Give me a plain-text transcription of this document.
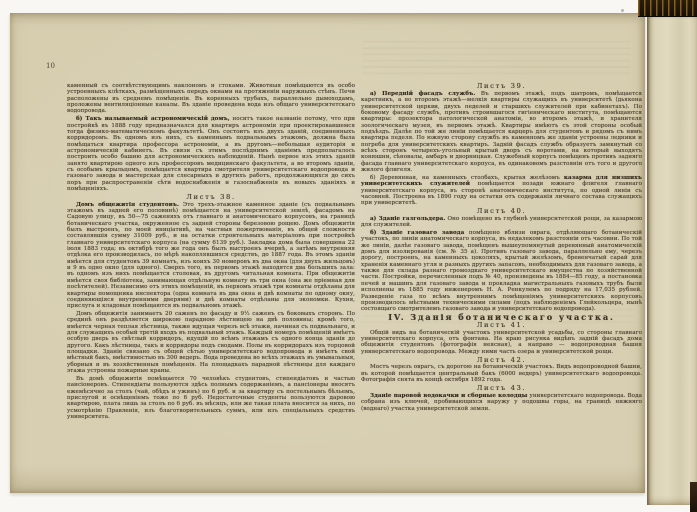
10

каменный съ соотвѣтствующимъ наклономъ и стоками. Животныя помѣщаются въ особо устроенныхъ клѣткахъ, размѣщенныхъ передъ окнами на протяженіи наружныхъ стѣнъ. Печи расположены въ среднемъ помѣщеніи. Въ коренныхъ трубахъ, параллельно дымоходамъ, проложены вентиляціонные каналы. Въ зданіе проведена вода изъ общаго университетскаго водопровода.

б) Такъ называемый астрономическій домъ, носитъ такое названіе потому, что при постройкѣ въ 1888 году предназначался для квартиръ астрономіи при проектировавшемся тогда физико-математическомъ факультетѣ. Онъ состоитъ изъ двухъ зданій, соединенныхъ корридоромъ. Въ одномъ изъ нихъ, съ каменнымъ подвальнымъ этажомъ, должна была помѣщаться квартира профессора астрономіи, а въ другомъ—небольшая аудиторія и астрономическій кабинетъ. Въ связи съ этимъ послѣднимъ зданіемъ предполагалось построить особо башню для астрономическихъ наблюденій. Нынѣ первое изъ этихъ зданій занято квартирою одного изъ профессоровъ медицинскаго факультета, а во второмъ зданіи, съ особымъ крыльцомъ, помѣщается квартира смотрителя университетскаго водопровода и газоваго завода и мастерская для слесарныхъ и другихъ работъ, продолжающихся до сихъ поръ при распространеніи сѣти водоснабженія и газоснабженія въ новыхъ зданіяхъ и помѣщеніяхъ.

Листъ 38.

Домъ общежитія студентовъ. Это трехъ-этажное каменное зданіе (съ подвальнымъ этажомъ въ задней его половинѣ) помѣщается на университетской землѣ, фасадомъ на Садовую улицу, въ 50—75 саженяхъ отъ главнаго и анатомическаго корпусовъ, на границѣ ботаническаго участка, окруженное съ задней стороны березовою рощею. Домъ общежитія былъ выстроенъ, по моей иниціативѣ, на частныя пожертвованія, въ общей сложности составлявшія сумму 31009 руб., и на остатки строительныхъ матеріаловъ при постройкѣ главнаго университетскаго корпуса (на сумму 6139 руб.). Закладка дома была совершена 22 іюля 1883 года; въ октябрѣ того же года онъ былъ выстроенъ вчернѣ, а затѣмъ внутренняя отдѣлка его производилась, по мѣрѣ накоплявшихся средствъ, до 1887 года. Въ этомъ зданіи имѣется для студентовъ 39 комнатъ, изъ коихъ 30 номеровъ въ два окна (для двухъ жильцовъ) и 9 въ одно окно (для одного). Сверхъ того, въ первомъ этажѣ находятся два большихъ зала: въ одномъ изъ нихъ помѣщается столовая, въ другомъ читальная комната. При общежитіи имѣется своя библіотека, занимающая отдѣльную комнату въ три окна (она же пріемная для посѣтителей). Независимо отъ этихъ помѣщеній, въ первомъ этажѣ три комнаты отдѣланы для квартиры помощника инспектора (одна комната въ два окна и двѣ комнаты по одному окну, соединяющіяся внутренними дверями) и двѣ комнаты отдѣланы для экономки. Кухня, прислуга и кладовыя помѣщаются въ подвальномъ этажѣ.

Домъ общежитія занимаетъ 20 саженъ по фасаду и 9½ саженъ съ боковыхъ сторонъ. По срединѣ онъ раздѣляется широкою парадною лѣстницею на двѣ половины; кромѣ того, имѣется черная теплая лѣстница, также идущая черезъ всѣ этажи, начиная съ подвальнаго, и для служащихъ особый третій входъ въ подвальный этажъ. Каждый номеръ помѣщеній имѣетъ особую дверь въ свѣтлый корридоръ, идущій по всѣмъ этажамъ съ одного конца зданія до другого. Какъ лѣстницы, такъ и корридоры подъ сводами. Полы въ корридорахъ изъ торцовой площадки. Зданіе связано съ общей сѣтью университетскаго водопровода и имѣетъ свой мѣстный бакъ, вмѣстимостью въ 300 ведеръ. Вода проведена во всѣхъ этажахъ въ умывальныя, уборныя и въ хозяйственныя помѣщенія. На площадкахъ парадной лѣстницы для каждаго этажа устроены пожарные краны.

Въ домѣ общежитія помѣщается 70 человѣкъ студентовъ, стипендіатовъ и частью пансіонеровъ. Стипендіаты пользуются здѣсь полнымъ содержаніемъ, а пансіонеры вносятъ ежемѣсячно за столъ (чай, обѣдъ и ужинъ) по 6 руб. и за квартиру съ постельнымъ бѣльемъ, прислугой и освѣщеніемъ тоже по 6 руб. Недостаточные студенты пользуются даровою квартирою, плата лишь за столъ по 6 руб. въ мѣсяцъ, или же такая плата вносится за нихъ, по усмотрѣнію Правленія, изъ благотворительныхъ суммъ, или изъ спеціальныхъ средствъ университета.

Листъ 39.

а) Передній фасадъ службъ. Въ первомъ этажѣ, подъ шатромъ, помѣщается каретникъ, а во второмъ этажѣ—мелкія квартиры служащихъ въ университетѣ (дьякона университетской церкви, двухъ педелей и старшихъ служителей при кабинетахъ). По боковому фасаду службъ, противъ строившагося гигіеническаго института, помѣщаются квартиры: прозектора патологической анатоміи, во второмъ этажѣ, и хранителя зоологическаго музея, въ первомъ этажѣ. Квартиры имѣютъ съ этой стороны особый подъѣздъ. Далѣе по той же линіи помѣщается карцеръ для студентовъ и рядомъ съ нимъ квартира педеля. По южную сторону службъ въ каменномъ же зданіи устроены ледники и погреба для университетскихъ квартиръ. Задній фасадъ службъ образуетъ замкнутый со всѣхъ сторонъ четырехъ-угольный крытый дворъ съ воротами, на который выходятъ конюшни, сѣновалы, амбаръ и дворницкая. Служебный корпусъ помѣщенъ противъ задняго фасада главнаго университетскаго корпуса, въ одинаковомъ разстояніи отъ того и другого жилого флигеля.

б) Деревянная, на каменныхъ столбахъ, крытая желѣзомъ казарма для низшихъ университетскихъ служителей помѣщается позади южнаго флигеля главнаго университетскаго корпуса, въ сторонѣ анатомическаго института, по одной линіи съ часовней. Построена въ 1890 году на остатки отъ содержанія личнаго состава служащихъ при университетѣ.

Листъ 40.

а) Зданіе газгольдера. Оно помѣщено въ глубинѣ университетской рощи, за казармою для служителей.

б) Зданіе газоваго завода помѣщено вблизи оврага, отдѣляющаго ботаническій участокъ, по линіи анатомическаго корпуса, въ недалекомъ разстояніи отъ часовни. По той же линіи, далѣе газоваго завода, помѣщенъ вышеупомянутый деревянный анатомическій домъ для изолированія (см. № 35 а). Противъ газоваго завода, параллельно ему, черезъ дорогу, построенъ, на каменныхъ цоколяхъ, крытый желѣзомъ, бревенчатый сарай для храненія каменнаго угля и разныхъ другихъ запасовъ, необходимыхъ для газоваго завода, а также для склада разнаго громоздкаго университетскаго имущества по хозяйственной части. Постройки, перечисленныя подъ № 40, произведены въ 1884—85 году, а постановка печей и машинъ для газоваго завода и прокладка магистральныхъ газовыхъ трубъ были исполнены въ 1885 году инженеромъ Н. А. Ренкулемъ по подряду на 17,035 рублей. Разведеніе газа по всѣмъ внутреннимъ помѣщеніямъ университетскихъ корпусовъ производилось мѣстными техническими силами (подъ наблюденіемъ Глейкольцера, нынѣ состоящаго смотрителемъ газоваго завода и университетскаго водопровода).

IV. Зданія ботаническаго участка.

Листъ 41.

Общій видъ на ботаническій участокъ университетской усадьбы, со стороны главнаго университетскаго корпуса, отъ фонтана. На краю рисунка видѣнъ задній фасадъ дома общежитія студентовъ (фотографія неясная), а направо — водопроводная башня университетскаго водопровода. Между ними часть озера и университетской рощи.

Листъ 42.

Мостъ черезъ оврагъ, съ дорогою на ботаническій участокъ. Видъ водопроводной башни, въ которой помѣщается центральный бакъ (6000 ведеръ) университетскаго водопровода. Фотографія снята въ концѣ октября 1892 года.

Листъ 43.

Зданіе паровой водокачки и сборные колодцы университетскаго водопровода. Вода собрана изъ ключей, пробивающихся наружу у подошвы горы, на границѣ нижняго (воднаго) участка университетской земли.
